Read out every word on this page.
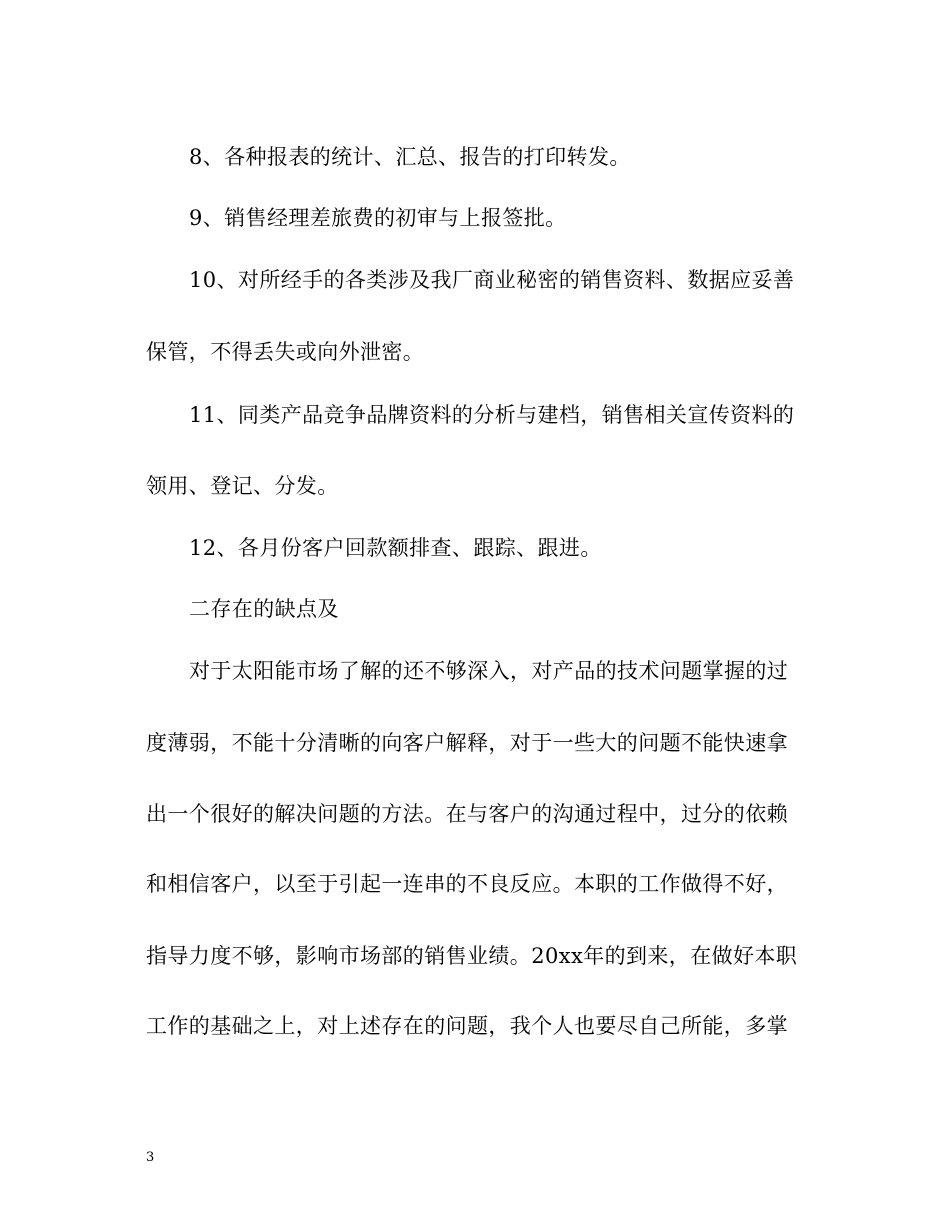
8、各种报表的统计、汇总、报告的打印转发。
9、销售经理差旅费的初审与上报签批。
10、对所经手的各类涉及我厂商业秘密的销售资料、数据应妥善
保管，不得丢失或向外泄密。
11、同类产品竞争品牌资料的分析与建档，销售相关宣传资料的
领用、登记、分发。
12、各月份客户回款额排查、跟踪、跟进。
二存在的缺点及
对于太阳能市场了解的还不够深入，对产品的技术问题掌握的过
度薄弱，不能十分清晰的向客户解释，对于一些大的问题不能快速拿
出一个很好的解决问题的方法。在与客户的沟通过程中，过分的依赖
和相信客户，以至于引起一连串的不良反应。本职的工作做得不好，
指导力度不够，影响市场部的销售业绩。20xx年的到来，在做好本职
工作的基础之上，对上述存在的问题，我个人也要尽自己所能，多掌
3
